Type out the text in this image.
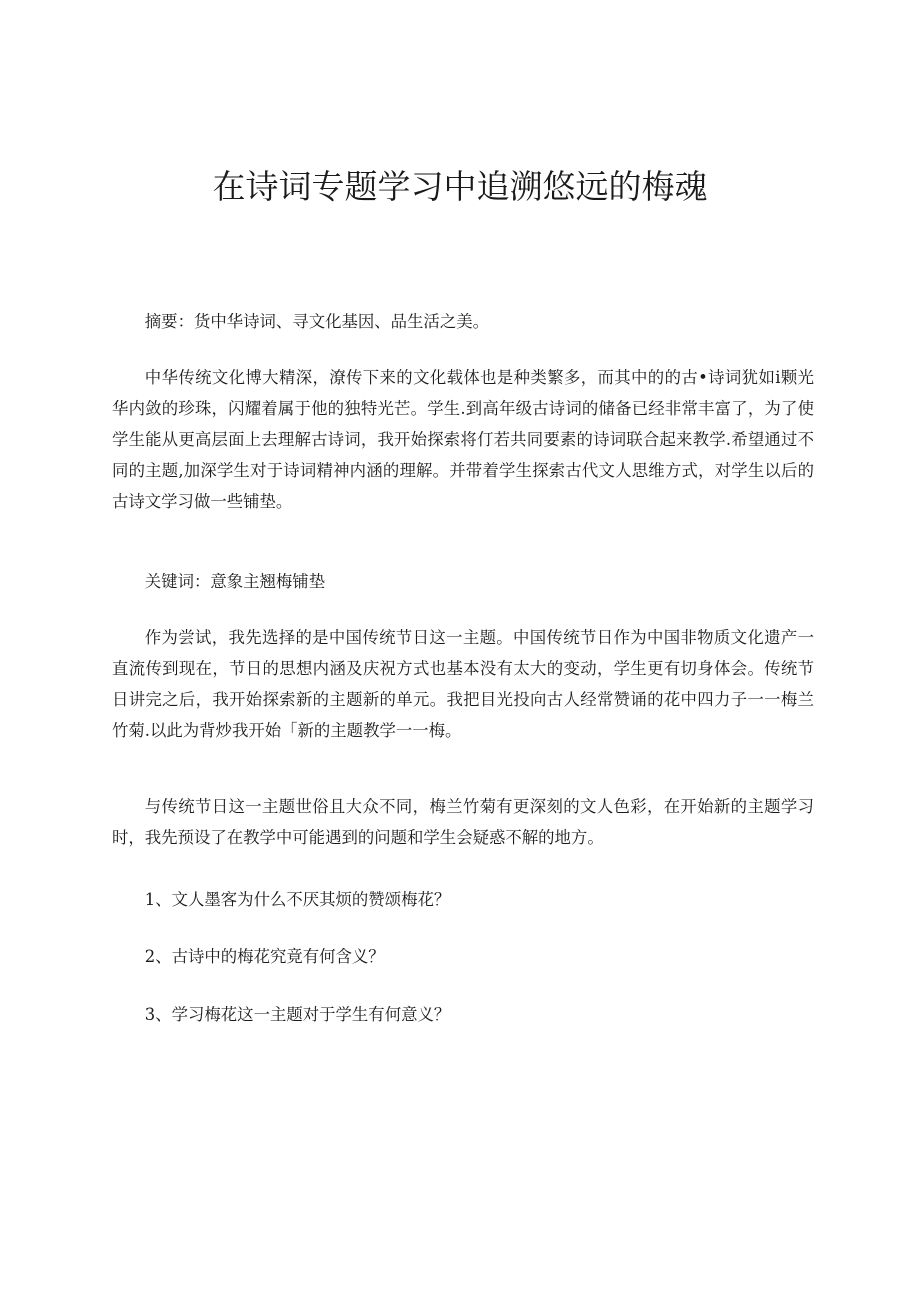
在诗词专题学习中追溯悠远的梅魂

摘要：货中华诗词、寻文化基因、品生活之美。

中华传统文化博大精深，潦传下来的文化载体也是种类繁多，而其中的的古•诗词犹如i颗光华内敛的珍珠，闪耀着属于他的独特光芒。学生.到高年级古诗词的储备已经非常丰富了，为了使学生能从更高层面上去理解古诗词，我开始探索将仃若共同要素的诗词联合起来教学.希望通过不同的主题,加深学生对于诗词精神内涵的理解。并带着学生探索古代文人思维方式，对学生以后的古诗文学习做一些铺垫。

关键词：意象主翘梅铺垫

作为尝试，我先选择的是中国传统节日这一主题。中国传统节日作为中国非物质文化遗产一直流传到现在，节日的思想内涵及庆祝方式也基本没有太大的变动，学生更有切身体会。传统节日讲完之后，我开始探索新的主题新的单元。我把目光投向古人经常赞诵的花中四力子一一梅兰竹菊.以此为背炒我开始「新的主题教学一一梅。

与传统节日这一主题世俗且大众不同，梅兰竹菊有更深刻的文人色彩，在开始新的主题学习时，我先预设了在教学中可能遇到的问题和学生会疑惑不解的地方。

1、文人墨客为什么不厌其烦的赞颂梅花？

2、古诗中的梅花究竟有何含义？

3、学习梅花这一主题对于学生有何意义？
